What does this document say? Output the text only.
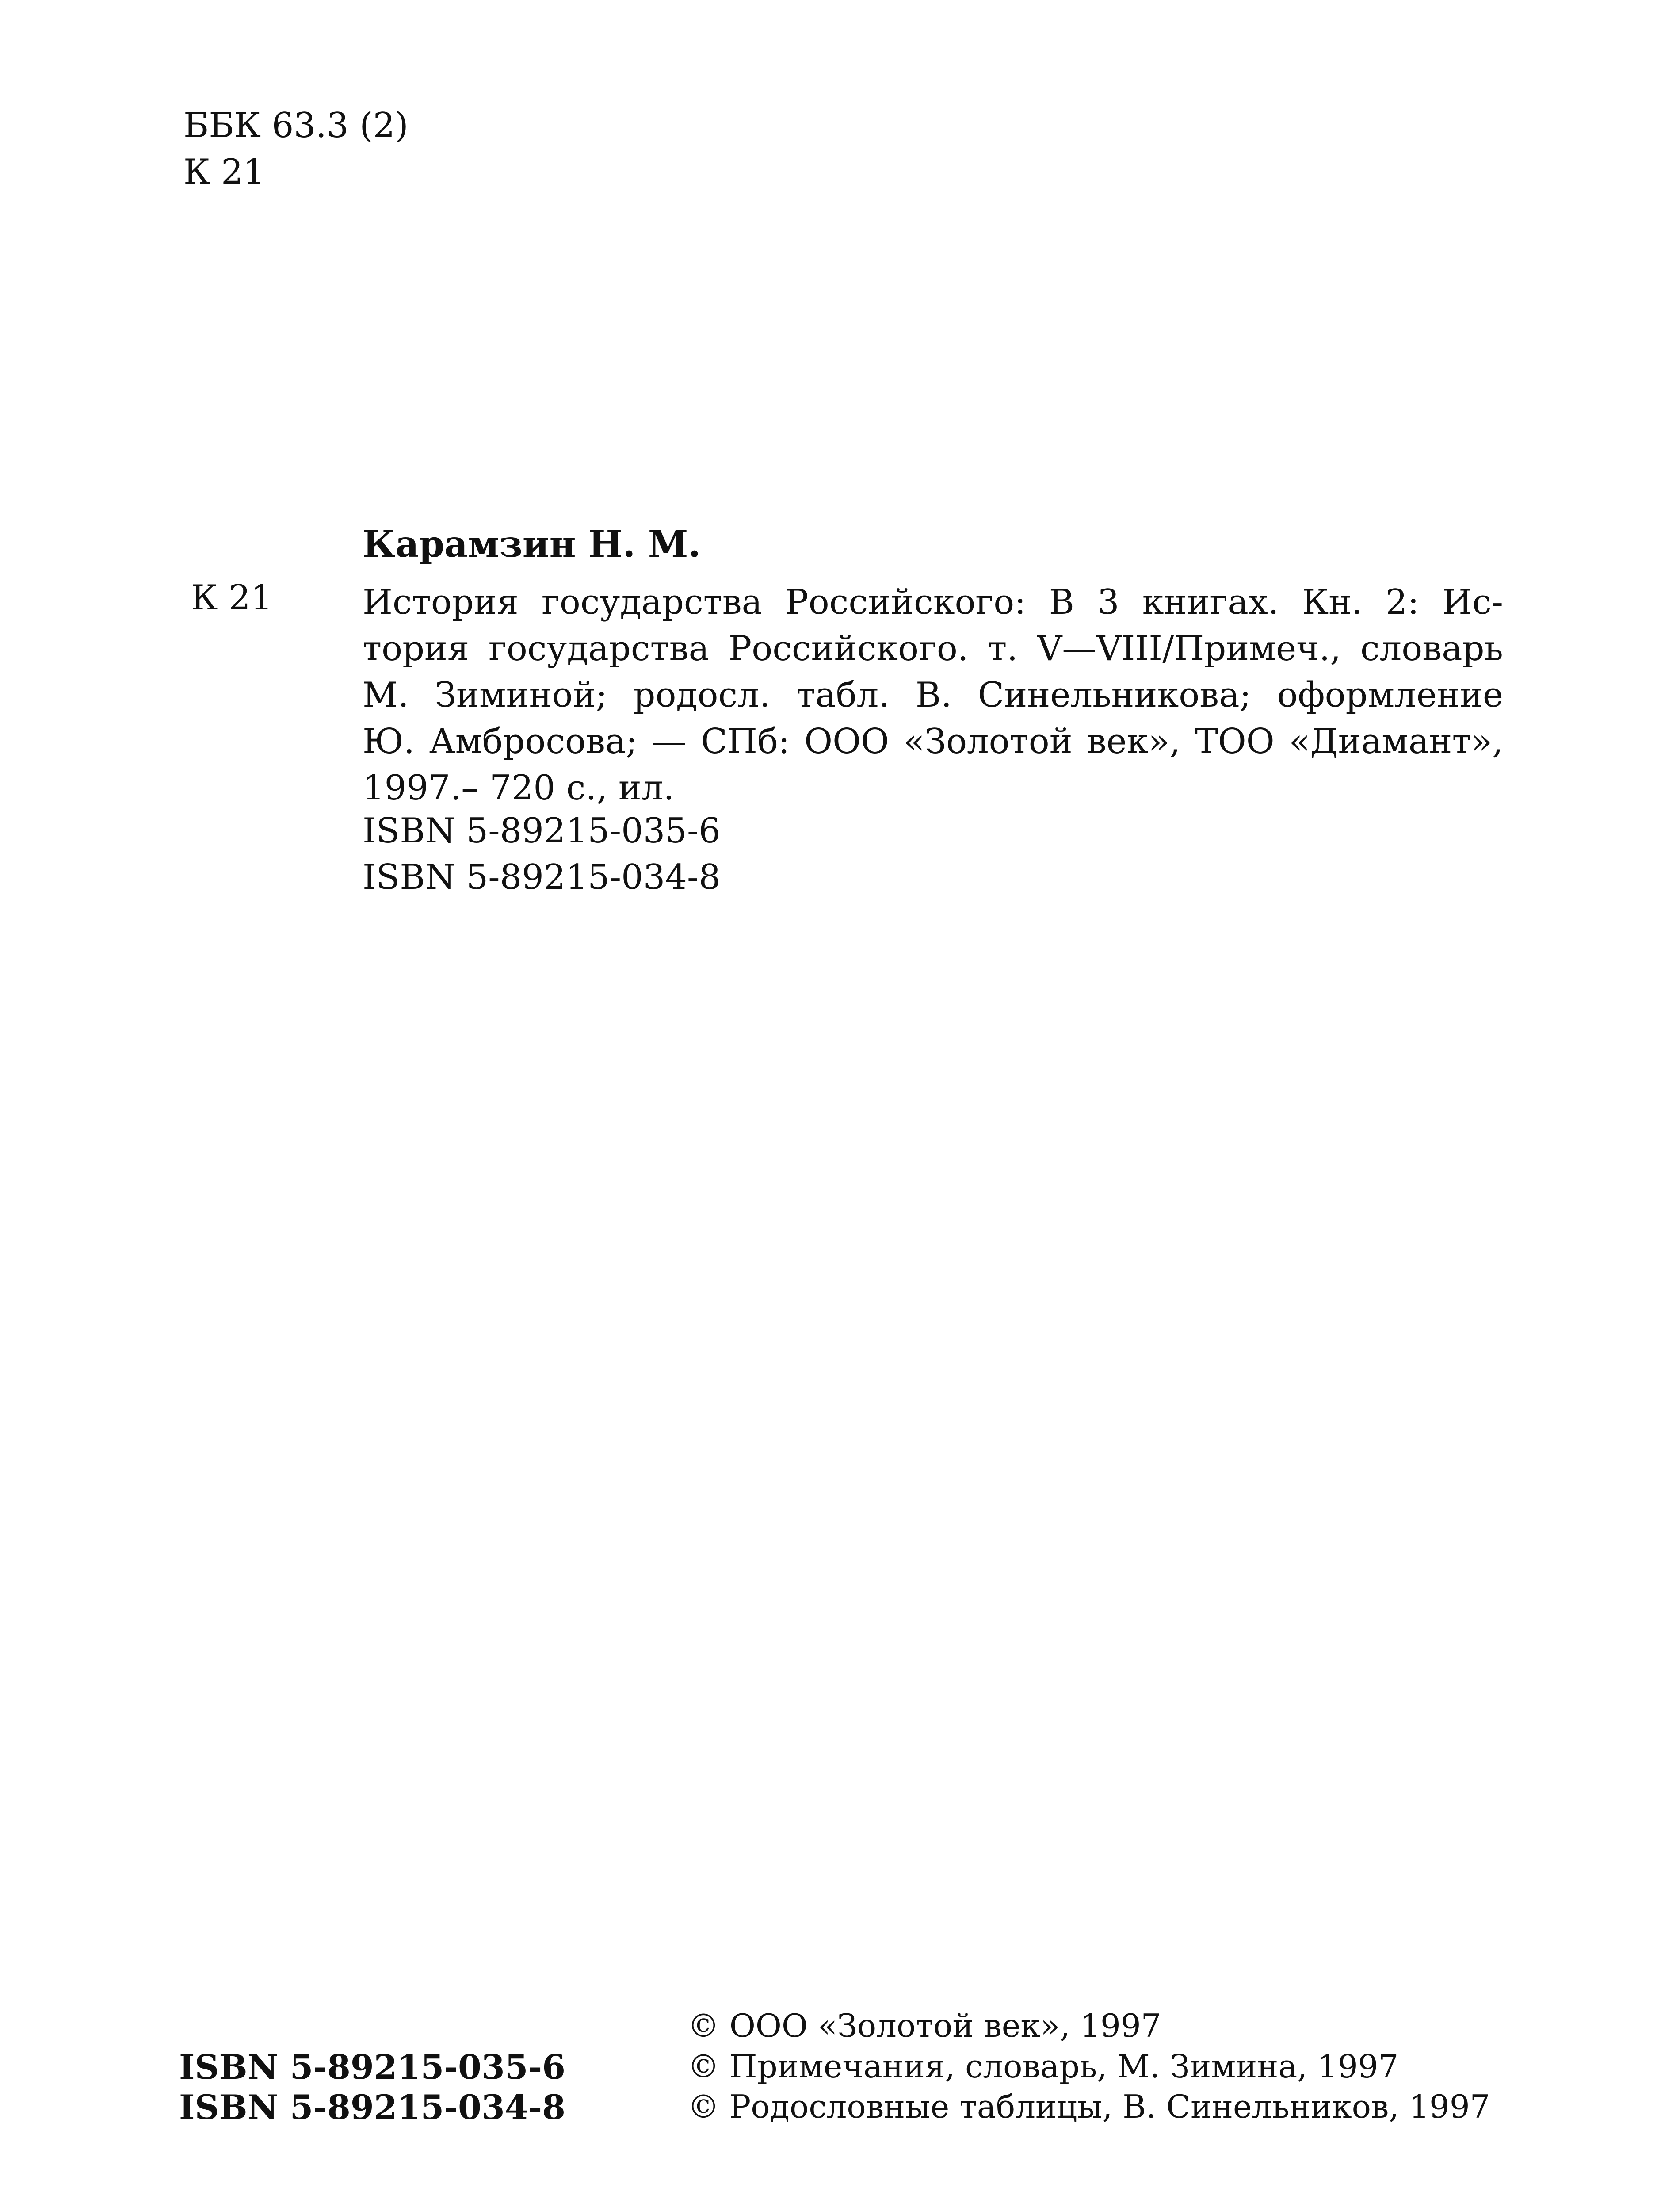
ББК 63.3 (2)
К 21
Карамзин Н. М.
К 21	История государства Российского: В 3 книгах. Кн. 2: Ис-
тория государства Российского. т. V—VIII/Примеч., словарь
М. Зиминой; родосл. табл. В. Синельникова; оформление
Ю. Амбросова; — СПб: ООО «Золотой век», ТОО «Диамант»,
1997.– 720 с., ил.
ISBN 5-89215-035-6
ISBN 5-89215-034-8
ISBN 5-89215-035-6
ISBN 5-89215-034-8
© ООО «Золотой век», 1997
© Примечания, словарь, М. Зимина, 1997
© Родословные таблицы, В. Синельников, 1997
